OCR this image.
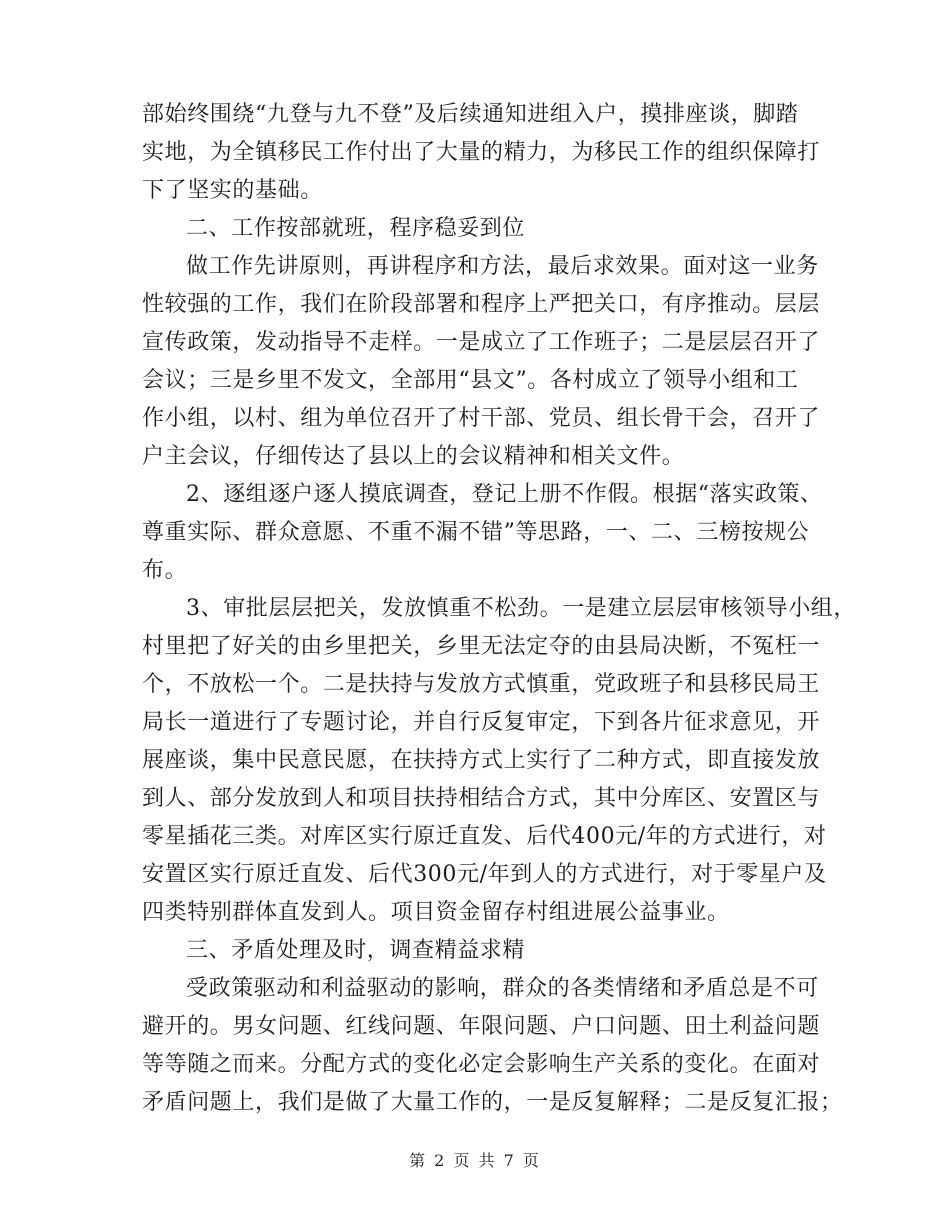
部始终围绕“九登与九不登”及后续通知进组入户，摸排座谈，脚踏
实地，为全镇移民工作付出了大量的精力，为移民工作的组织保障打
下了坚实的基础。
二、工作按部就班，程序稳妥到位
做工作先讲原则，再讲程序和方法，最后求效果。面对这一业务
性较强的工作，我们在阶段部署和程序上严把关口，有序推动。层层
宣传政策，发动指导不走样。一是成立了工作班子；二是层层召开了
会议；三是乡里不发文，全部用“县文”。各村成立了领导小组和工
作小组，以村、组为单位召开了村干部、党员、组长骨干会，召开了
户主会议，仔细传达了县以上的会议精神和相关文件。
2、逐组逐户逐人摸底调查，登记上册不作假。根据“落实政策、
尊重实际、群众意愿、不重不漏不错”等思路，一、二、三榜按规公
布。
3、审批层层把关，发放慎重不松劲。一是建立层层审核领导小组，
村里把了好关的由乡里把关，乡里无法定夺的由县局决断，不冤枉一
个，不放松一个。二是扶持与发放方式慎重，党政班子和县移民局王
局长一道进行了专题讨论，并自行反复审定，下到各片征求意见，开
展座谈，集中民意民愿，在扶持方式上实行了二种方式，即直接发放
到人、部分发放到人和项目扶持相结合方式，其中分库区、安置区与
零星插花三类。对库区实行原迁直发、后代400元/年的方式进行，对
安置区实行原迁直发、后代300元/年到人的方式进行，对于零星户及
四类特别群体直发到人。项目资金留存村组进展公益事业。
三、矛盾处理及时，调查精益求精
受政策驱动和利益驱动的影响，群众的各类情绪和矛盾总是不可
避开的。男女问题、红线问题、年限问题、户口问题、田土利益问题
等等随之而来。分配方式的变化必定会影响生产关系的变化。在面对
矛盾问题上，我们是做了大量工作的，一是反复解释；二是反复汇报；
第 2 页 共 7 页
